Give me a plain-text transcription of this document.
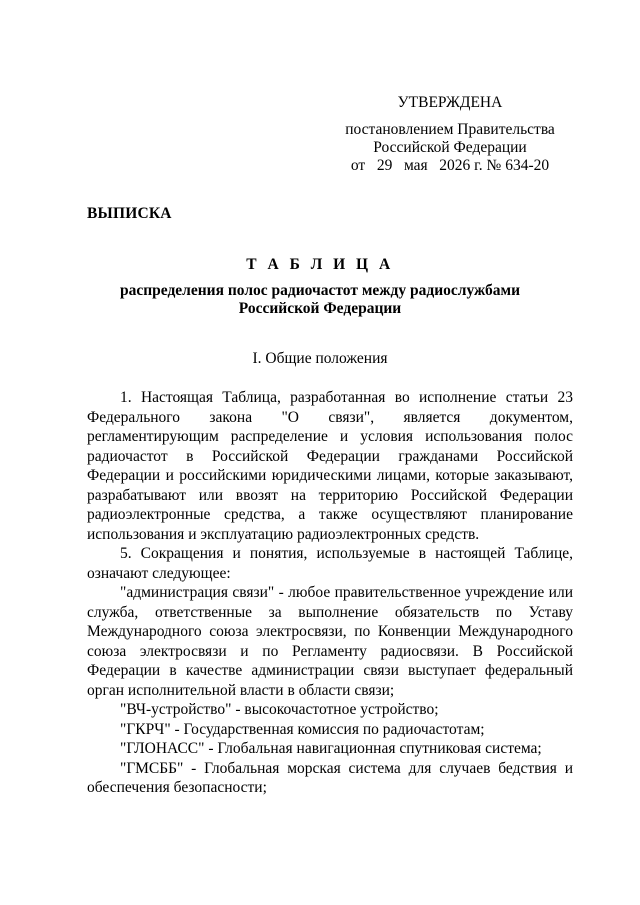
УТВЕРЖДЕНА
постановлением Правительства
Российской Федерации
от   29   мая   2026 г. № 634-20
ВЫПИСКА
Т А Б Л И Ц А
распределения полос радиочастот между радиослужбами
Российской Федерации
I. Общие положения

1. Настоящая Таблица, разработанная во исполнение статьи 23 Федерального закона "О связи", является документом, регламентирующим распределение и условия использования полос радиочастот в Российской Федерации гражданами Российской Федерации и российскими юридическими лицами, которые заказывают, разрабатывают или ввозят на территорию Российской Федерации радиоэлектронные средства, а также осуществляют планирование использования и эксплуатацию радиоэлектронных средств.

5. Сокращения и понятия, используемые в настоящей Таблице, означают следующее:

"администрация связи" - любое правительственное учреждение или служба, ответственные за выполнение обязательств по Уставу Международного союза электросвязи, по Конвенции Международного союза электросвязи и по Регламенту радиосвязи. В Российской Федерации в качестве администрации связи выступает федеральный орган исполнительной власти в области связи;

"ВЧ-устройство" - высокочастотное устройство;

"ГКРЧ" - Государственная комиссия по радиочастотам;

"ГЛОНАСС" - Глобальная навигационная спутниковая система;

"ГМСББ" - Глобальная морская система для случаев бедствия и обеспечения безопасности;
